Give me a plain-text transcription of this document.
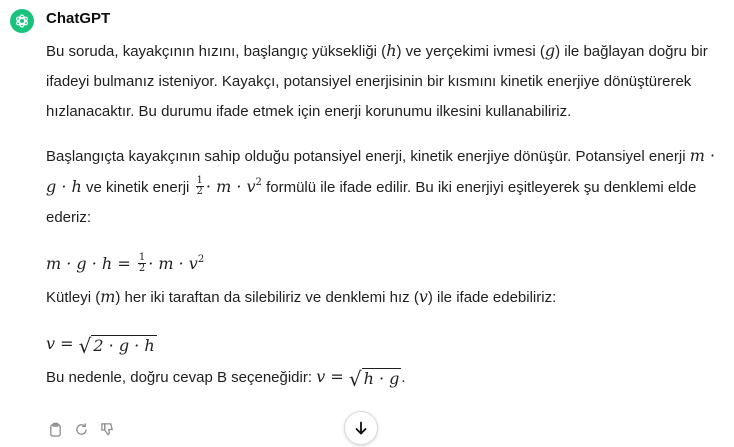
ChatGPT

Bu soruda, kayakçının hızını, başlangıç yüksekliği (h) ve yerçekimi ivmesi (g) ile bağlayan doğru bir ifadeyi bulmanız isteniyor. Kayakçı, potansiyel enerjisinin bir kısmını kinetik enerjiye dönüştürerek hızlanacaktır. Bu durumu ifade etmek için enerji korunumu ilkesini kullanabiliriz.

Başlangıçta kayakçının sahip olduğu potansiyel enerji, kinetik enerjiye dönüşür. Potansiyel enerji m · g · h ve kinetik enerji $\frac{1}{2} \cdot m \cdot v^2$ formülü ile ifade edilir. Bu iki enerjiyi eşitleyerek şu denklemi elde ederiz:

$m \cdot g \cdot h = \frac{1}{2} \cdot m \cdot v^2$

Kütleyi (m) her iki taraftan da silebiliriz ve denklemi hız (v) ile ifade edebiliriz:

v = √ 2 · g · h

Bu nedenle, doğru cevap B seçeneğidir: v = √ h · g .
